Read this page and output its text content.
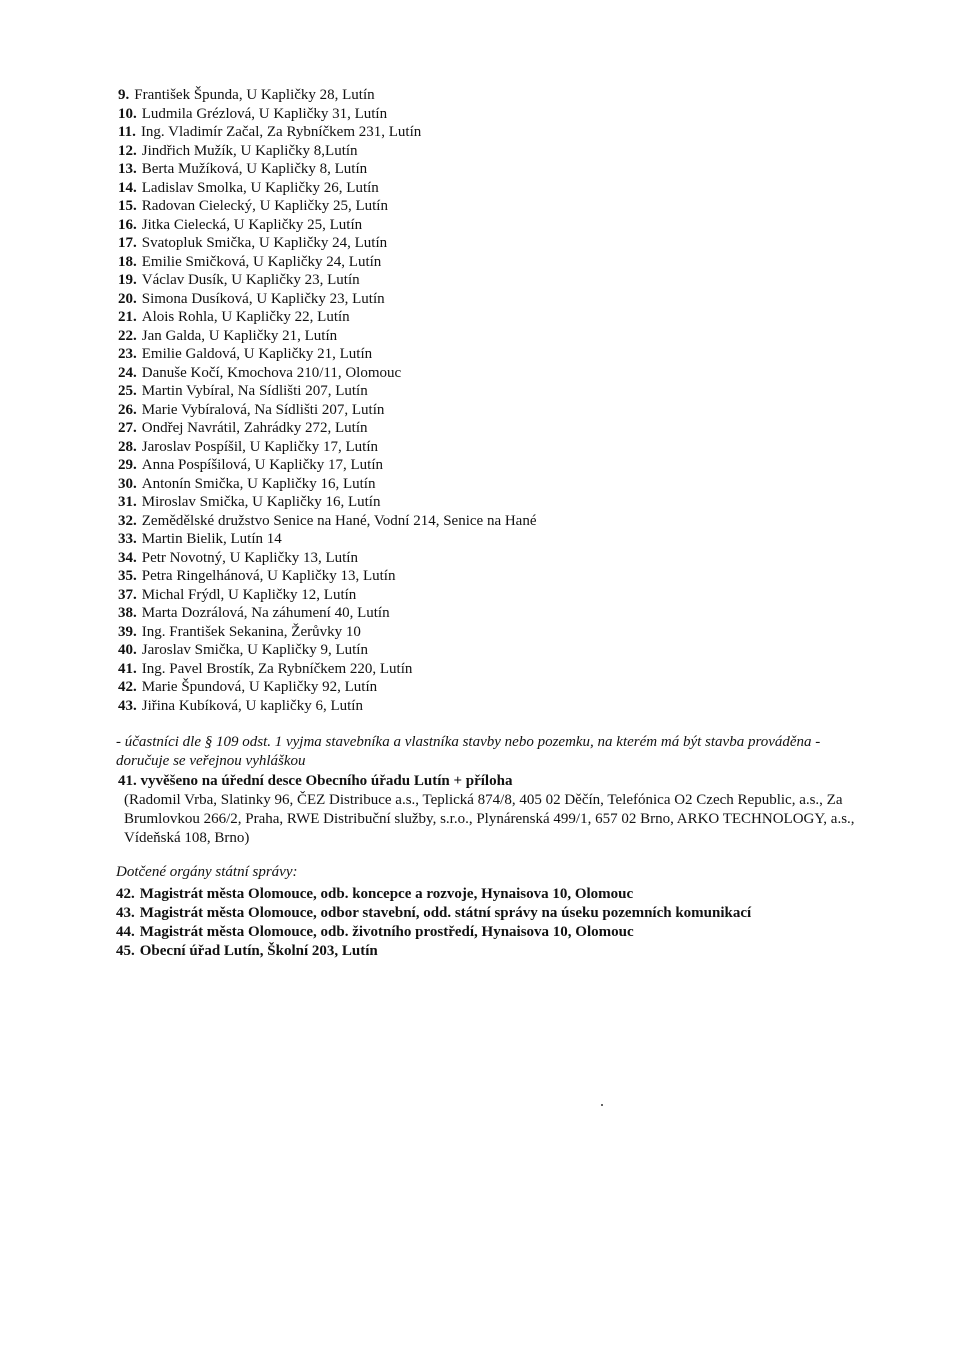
9. František Špunda, U Kapličky 28, Lutín
10. Ludmila Grézlová, U Kapličky 31, Lutín
11. Ing. Vladimír Začal, Za Rybníčkem 231, Lutín
12. Jindřich Mužík, U Kapličky 8,Lutín
13. Berta Mužíková, U Kapličky 8, Lutín
14. Ladislav Smolka, U Kapličky 26, Lutín
15. Radovan Cielecký, U Kapličky 25, Lutín
16. Jitka Cielecká, U Kapličky 25, Lutín
17. Svatopluk Smička, U Kapličky 24, Lutín
18. Emilie Smičková, U Kapličky 24, Lutín
19. Václav Dusík, U Kapličky 23, Lutín
20. Simona Dusíková, U Kapličky 23, Lutín
21. Alois Rohla, U Kapličky 22, Lutín
22. Jan Galda, U Kapličky 21, Lutín
23. Emilie Galdová, U Kapličky 21, Lutín
24. Danuše Kočí, Kmochova 210/11, Olomouc
25. Martin Vybíral, Na Sídlišti 207, Lutín
26. Marie Vybíralová, Na Sídlišti 207, Lutín
27. Ondřej Navrátil, Zahrádky 272, Lutín
28. Jaroslav Pospíšil, U Kapličky 17, Lutín
29. Anna Pospíšilová, U Kapličky 17, Lutín
30. Antonín Smička, U Kapličky 16, Lutín
31. Miroslav Smička, U Kapličky 16, Lutín
32. Zemědělské družstvo Senice na Hané, Vodní 214, Senice na Hané
33. Martin Bielik, Lutín 14
34. Petr Novotný, U Kapličky 13, Lutín
35. Petra Ringelhánová, U Kapličky 13, Lutín
37. Michal Frýdl, U Kapličky 12, Lutín
38. Marta Dozrálová, Na záhumení 40, Lutín
39. Ing. František Sekanina, Žerůvky 10
40. Jaroslav Smička, U Kapličky 9, Lutín
41. Ing. Pavel Brostík, Za Rybníčkem 220, Lutín
42. Marie Špundová, U Kapličky 92, Lutín
43. Jiřina Kubíková, U kapličky 6, Lutín
- účastníci dle § 109 odst. 1 vyjma stavebníka a vlastníka stavby nebo pozemku, na kterém má být stavba prováděna - doručuje se veřejnou vyhláškou
41. vyvěšeno na úřední desce Obecního úřadu Lutín + příloha
(Radomil Vrba, Slatinky 96, ČEZ Distribuce a.s., Teplická 874/8, 405 02 Děčín, Telefónica O2 Czech Republic, a.s., Za Brumlovkou 266/2, Praha, RWE Distribuční služby, s.r.o., Plynárenská 499/1, 657 02 Brno, ARKO TECHNOLOGY, a.s., Vídeňská 108, Brno)
Dotčené orgány státní správy:
42. Magistrát města Olomouce, odb. koncepce a rozvoje, Hynaisova 10, Olomouc
43. Magistrát města Olomouce, odbor stavební, odd. státní správy na úseku pozemních komunikací
44. Magistrát města Olomouce, odb. životního prostředí, Hynaisova 10, Olomouc
45. Obecní úřad Lutín, Školní 203, Lutín
